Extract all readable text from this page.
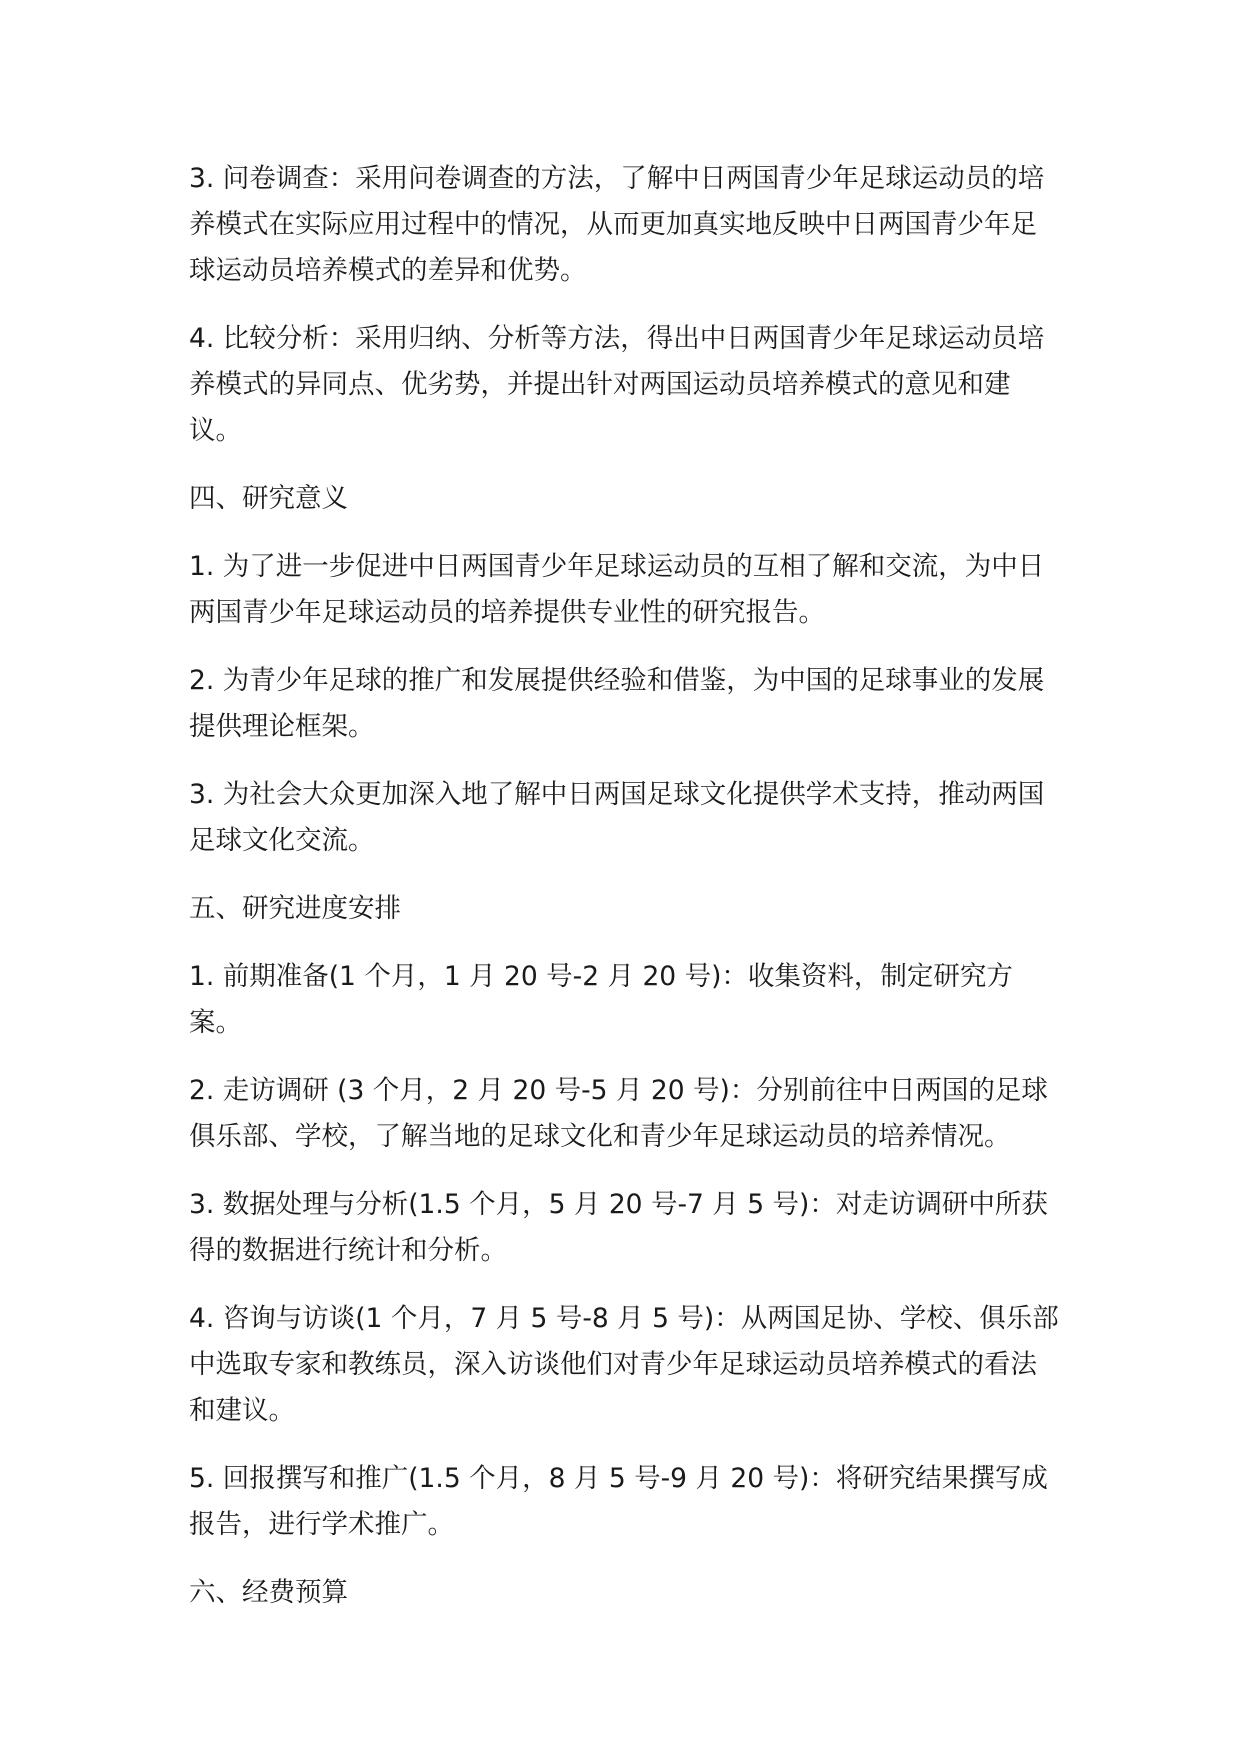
3. 问卷调查：采用问卷调查的方法，了解中日两国青少年足球运动员的培养模式在实际应用过程中的情况，从而更加真实地反映中日两国青少年足球运动员培养模式的差异和优势。

4. 比较分析：采用归纳、分析等方法，得出中日两国青少年足球运动员培养模式的异同点、优劣势，并提出针对两国运动员培养模式的意见和建议。

四、研究意义

1. 为了进一步促进中日两国青少年足球运动员的互相了解和交流，为中日两国青少年足球运动员的培养提供专业性的研究报告。

2. 为青少年足球的推广和发展提供经验和借鉴，为中国的足球事业的发展提供理论框架。

3. 为社会大众更加深入地了解中日两国足球文化提供学术支持，推动两国足球文化交流。

五、研究进度安排

1. 前期准备(1 个月，1 月 20 号-2 月 20 号)：收集资料，制定研究方案。

2. 走访调研 (3 个月，2 月 20 号-5 月 20 号)：分别前往中日两国的足球俱乐部、学校，了解当地的足球文化和青少年足球运动员的培养情况。

3. 数据处理与分析(1.5 个月，5 月 20 号-7 月 5 号)：对走访调研中所获得的数据进行统计和分析。

4. 咨询与访谈(1 个月，7 月 5 号-8 月 5 号)：从两国足协、学校、俱乐部中选取专家和教练员，深入访谈他们对青少年足球运动员培养模式的看法和建议。

5. 回报撰写和推广(1.5 个月，8 月 5 号-9 月 20 号)：将研究结果撰写成报告，进行学术推广。

六、经费预算
